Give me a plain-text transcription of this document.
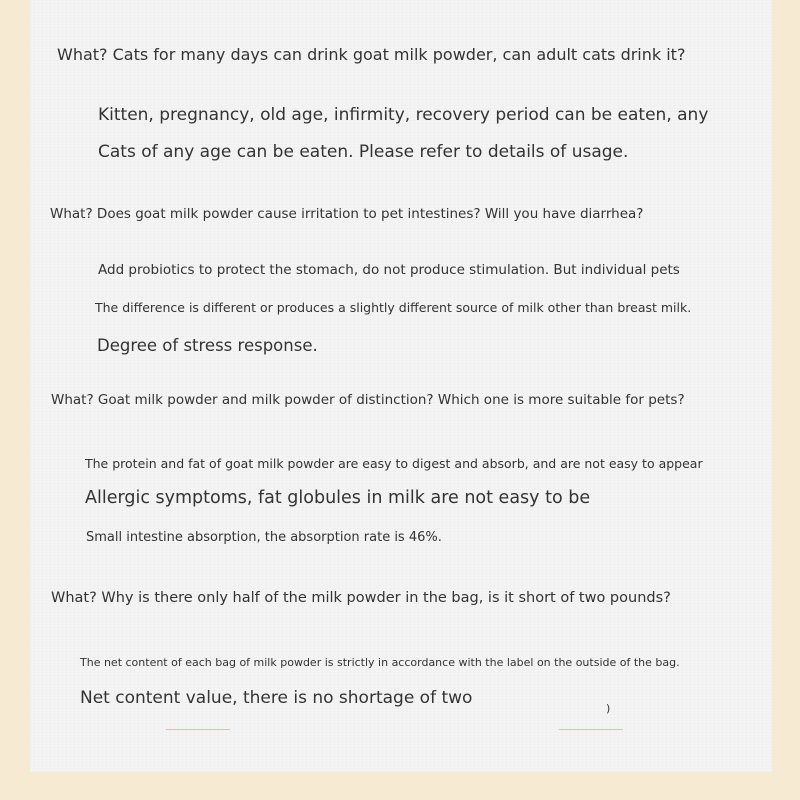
What? Cats for many days can drink goat milk powder, can adult cats drink it?

Kitten, pregnancy, old age, infirmity, recovery period can be eaten, any

Cats of any age can be eaten. Please refer to details of usage.

What? Does goat milk powder cause irritation to pet intestines? Will you have diarrhea?

Add probiotics to protect the stomach, do not produce stimulation. But individual pets

The difference is different or produces a slightly different source of milk other than breast milk.

Degree of stress response.

What? Goat milk powder and milk powder of distinction? Which one is more suitable for pets?

The protein and fat of goat milk powder are easy to digest and absorb, and are not easy to appear

Allergic symptoms, fat globules in milk are not easy to be

Small intestine absorption, the absorption rate is 46%.

What? Why is there only half of the milk powder in the bag, is it short of two pounds?

The net content of each bag of milk powder is strictly in accordance with the label on the outside of the bag.

Net content value, there is no shortage of two

)
